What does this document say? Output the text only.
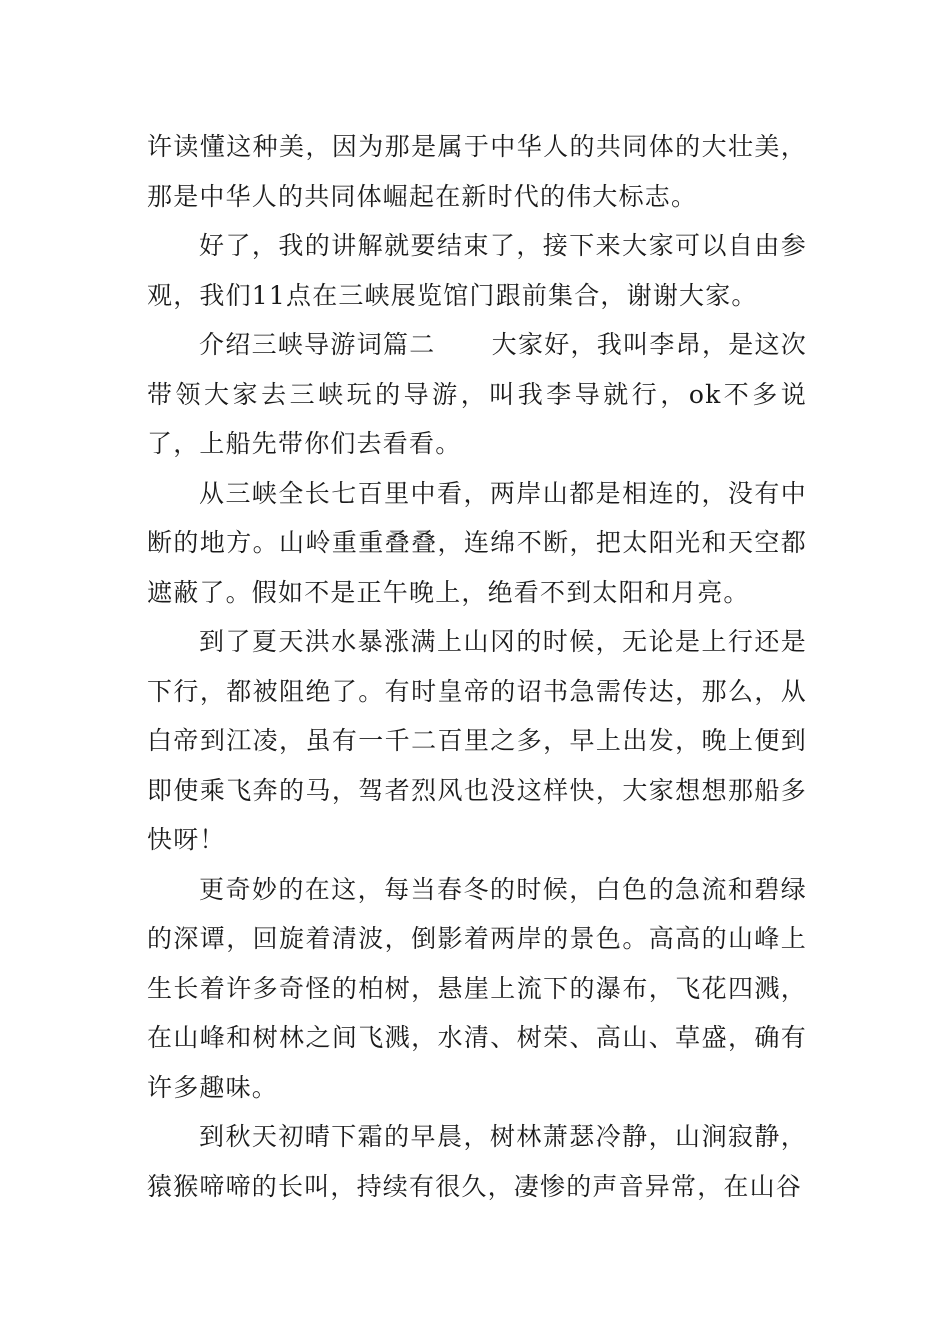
许读懂这种美，因为那是属于中华人的共同体的大壮美，那是中华人的共同体崛起在新时代的伟大标志。

好了，我的讲解就要结束了，接下来大家可以自由参观，我们11点在三峡展览馆门跟前集合，谢谢大家。

介绍三峡导游词篇二 大家好，我叫李昂，是这次带领大家去三峡玩的导游，叫我李导就行，ok不多说了，上船先带你们去看看。

从三峡全长七百里中看，两岸山都是相连的，没有中断的地方。山岭重重叠叠，连绵不断，把太阳光和天空都遮蔽了。假如不是正午晚上，绝看不到太阳和月亮。

到了夏天洪水暴涨满上山冈的时候，无论是上行还是下行，都被阻绝了。有时皇帝的诏书急需传达，那么，从白帝到江凌，虽有一千二百里之多，早上出发，晚上便到即使乘飞奔的马，驾者烈风也没这样快，大家想想那船多快呀！

更奇妙的在这，每当春冬的时候，白色的急流和碧绿的深谭，回旋着清波，倒影着两岸的景色。高高的山峰上生长着许多奇怪的柏树，悬崖上流下的瀑布，飞花四溅，在山峰和树林之间飞溅，水清、树荣、高山、草盛，确有许多趣味。

到秋天初晴下霜的早晨，树林萧瑟冷静，山涧寂静，猿猴啼啼的长叫，持续有很久，凄惨的声音异常，在山谷
